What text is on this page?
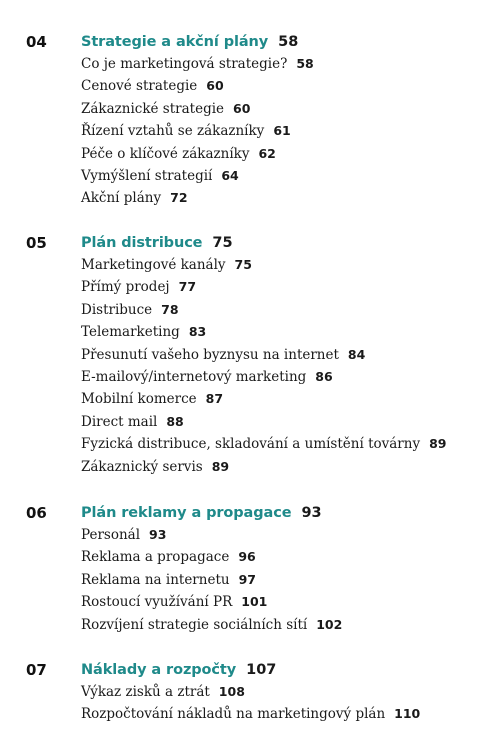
04 Strategie a akční plány 58
Co je marketingová strategie? 58
Cenové strategie 60
Zákaznické strategie 60
Řízení vztahů se zákazníky 61
Péče o klíčové zákazníky 62
Vymýšlení strategií 64
Akční plány 72
05 Plán distribuce 75
Marketingové kanály 75
Přímý prodej 77
Distribuce 78
Telemarketing 83
Přesunutí vašeho byznysu na internet 84
E-mailový/internetový marketing 86
Mobilní komerce 87
Direct mail 88
Fyzická distribuce, skladování a umístění továrny 89
Zákaznický servis 89
06 Plán reklamy a propagace 93
Personál 93
Reklama a propagace 96
Reklama na internetu 97
Rostoucí využívání PR 101
Rozvíjení strategie sociálních sítí 102
07 Náklady a rozpočty 107
Výkaz zisků a ztrát 108
Rozpočtování nákladů na marketingový plán 110
